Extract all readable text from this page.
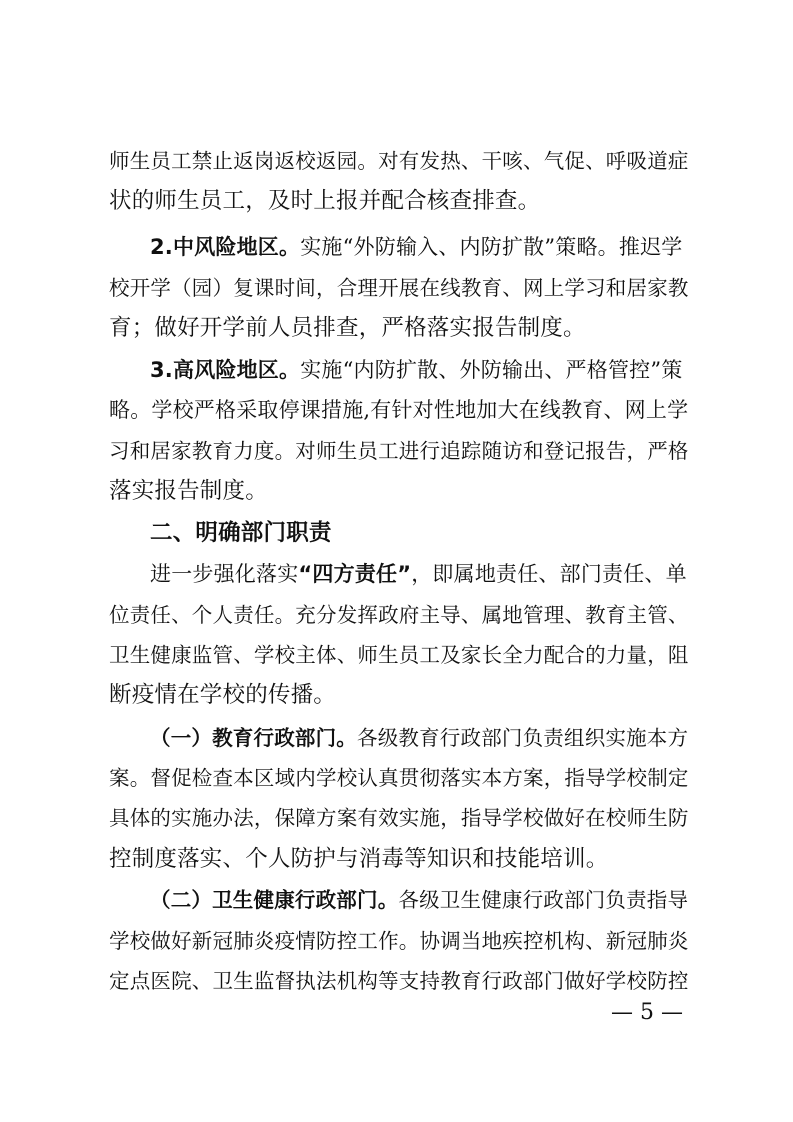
师生员工禁止返岗返校返园。对有发热、干咳、气促、呼吸道症
状的师生员工，及时上报并配合核查排查。
2.中风险地区。实施“外防输入、内防扩散”策略。推迟学
校开学（园）复课时间，合理开展在线教育、网上学习和居家教
育；做好开学前人员排查，严格落实报告制度。
3.高风险地区。实施“内防扩散、外防输出、严格管控”策
略。学校严格采取停课措施,有针对性地加大在线教育、网上学
习和居家教育力度。对师生员工进行追踪随访和登记报告，严格
落实报告制度。
二、明确部门职责
进一步强化落实“四方责任”，即属地责任、部门责任、单
位责任、个人责任。充分发挥政府主导、属地管理、教育主管、
卫生健康监管、学校主体、师生员工及家长全力配合的力量，阻
断疫情在学校的传播。
（一）教育行政部门。各级教育行政部门负责组织实施本方
案。督促检查本区域内学校认真贯彻落实本方案，指导学校制定
具体的实施办法，保障方案有效实施，指导学校做好在校师生防
控制度落实、个人防护与消毒等知识和技能培训。
（二）卫生健康行政部门。各级卫生健康行政部门负责指导
学校做好新冠肺炎疫情防控工作。协调当地疾控机构、新冠肺炎
定点医院、卫生监督执法机构等支持教育行政部门做好学校防控
— 5 —
